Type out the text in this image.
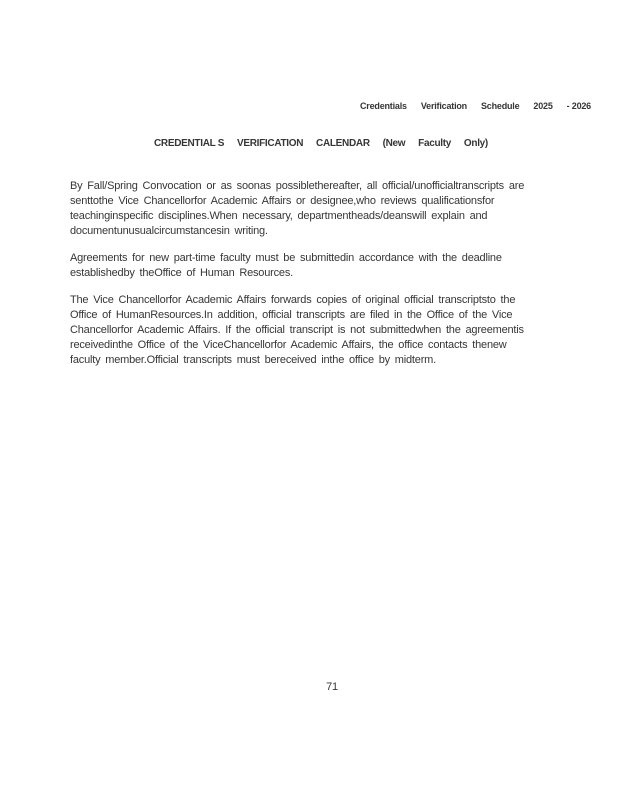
Credentials Verification Schedule 2025 - 2026
CREDENTIAL S VERIFICATION CALENDAR (New Faculty Only)
By Fall/Spring Convocation or as soonas possiblethereafter, all official/unofficialtranscripts are
senttothe Vice Chancellorfor Academic Affairs or designee,who reviews qualificationsfor
teachinginspecific disciplines.When necessary, departmentheads/deanswill explain and
documentunusualcircumstancesin writing.
Agreements for new part-time faculty must be submittedin accordance with the deadline
establishedby theOffice of Human Resources.
The Vice Chancellorfor Academic Affairs forwards copies of original official transcriptsto the
Office of HumanResources.In addition, official transcripts are filed in the Office of the Vice
Chancellorfor Academic Affairs. If the official transcript is not submittedwhen the agreementis
receivedinthe Office of the ViceChancellorfor Academic Affairs, the office contacts thenew
faculty member.Official transcripts must bereceived inthe office by midterm.
71
